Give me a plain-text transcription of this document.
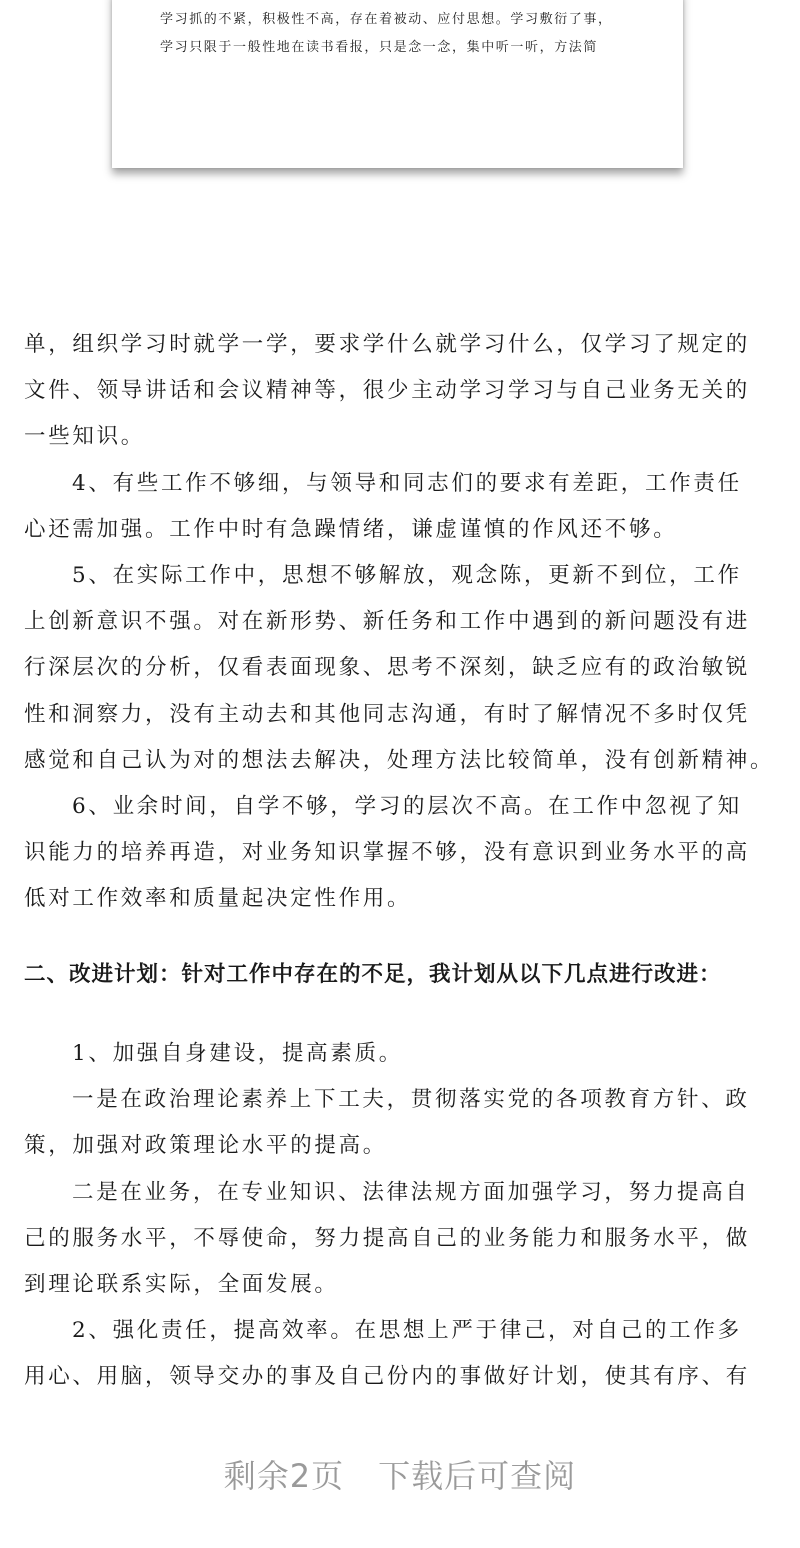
学习抓的不紧，积极性不高，存在着被动、应付思想。学习敷衍了事，
学习只限于一般性地在读书看报，只是念一念，集中听一听，方法简
单，组织学习时就学一学，要求学什么就学习什么，仅学习了规定的
文件、领导讲话和会议精神等，很少主动学习学习与自己业务无关的
一些知识。
4、有些工作不够细，与领导和同志们的要求有差距，工作责任
心还需加强。工作中时有急躁情绪，谦虚谨慎的作风还不够。
5、在实际工作中，思想不够解放，观念陈，更新不到位，工作
上创新意识不强。对在新形势、新任务和工作中遇到的新问题没有进
行深层次的分析，仅看表面现象、思考不深刻，缺乏应有的政治敏锐
性和洞察力，没有主动去和其他同志沟通，有时了解情况不多时仅凭
感觉和自己认为对的想法去解决，处理方法比较简单，没有创新精神。
6、业余时间，自学不够，学习的层次不高。在工作中忽视了知
识能力的培养再造，对业务知识掌握不够，没有意识到业务水平的高
低对工作效率和质量起决定性作用。
二、改进计划：针对工作中存在的不足，我计划从以下几点进行改进：
1、加强自身建设，提高素质。
一是在政治理论素养上下工夫，贯彻落实党的各项教育方针、政
策，加强对政策理论水平的提高。
二是在业务，在专业知识、法律法规方面加强学习，努力提高自
己的服务水平，不辱使命，努力提高自己的业务能力和服务水平，做
到理论联系实际，全面发展。
2、强化责任，提高效率。在思想上严于律己，对自己的工作多
用心、用脑，领导交办的事及自己份内的事做好计划，使其有序、有
剩余2页 下载后可查阅
